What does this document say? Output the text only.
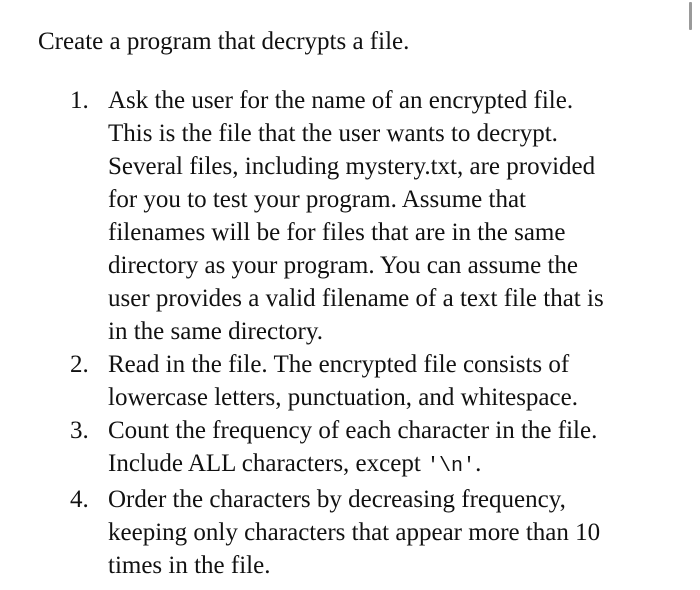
Create a program that decrypts a file.
1. Ask the user for the name of an encrypted file.
This is the file that the user wants to decrypt.
Several files, including mystery.txt, are provided
for you to test your program. Assume that
filenames will be for files that are in the same
directory as your program. You can assume the
user provides a valid filename of a text file that is
in the same directory.
2. Read in the file. The encrypted file consists of
lowercase letters, punctuation, and whitespace.
3. Count the frequency of each character in the file.
Include ALL characters, except '\n'.
4. Order the characters by decreasing frequency,
keeping only characters that appear more than 10
times in the file.
